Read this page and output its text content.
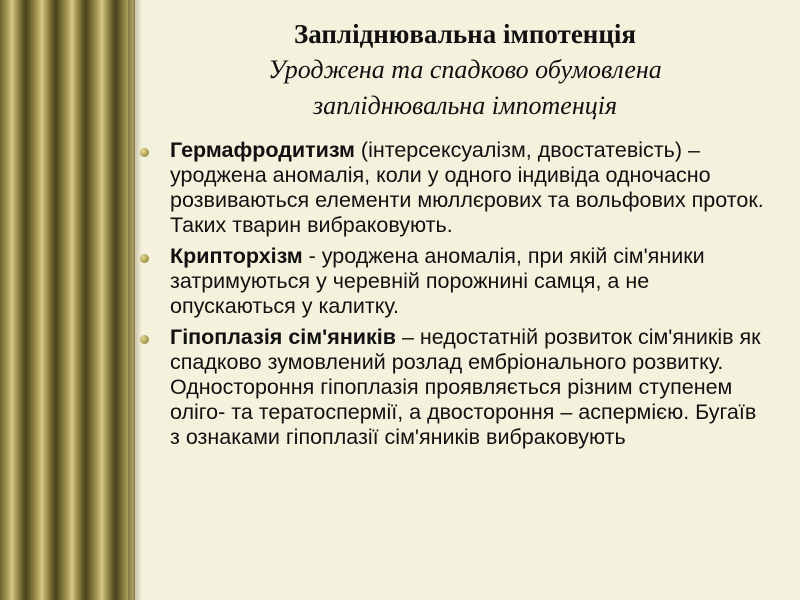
Запліднювальна імпотенція

Уроджена та спадково обумовлена

запліднювальна імпотенція

Гермафродитизм (інтерсексуалізм, двостатевість) – уроджена аномалія, коли у одного індивіда одночасно розвиваються елементи мюллєрових та вольфових проток. Таких тварин вибраковують.
Крипторхізм - уроджена аномалія, при якій сім'яники затримуються у черевній порожнині самця, а не опускаються у калитку.
Гіпоплазія сім'яників – недостатній розвиток сім'яників як спадково зумовлений розлад ембріонального розвитку. Одностороння гіпоплазія проявляється різним ступенем оліго- та тератоспермії, а двостороння – аспермією. Бугаїв з ознаками гіпоплазії сім'яників вибраковують
